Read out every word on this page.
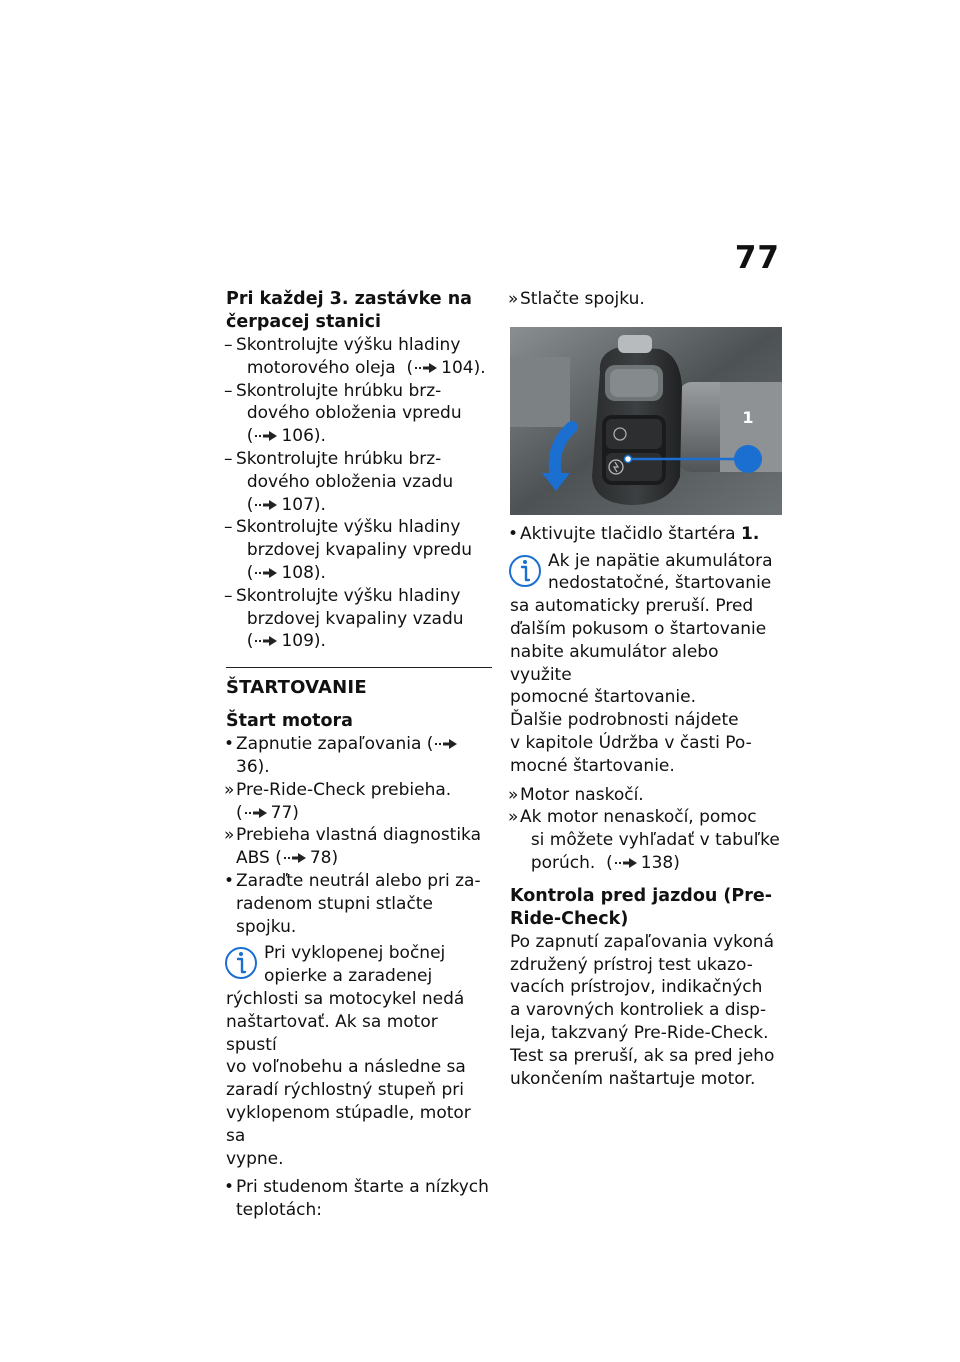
77
Pri každej 3. zastávke na
čerpacej stanici
– Skontrolujte výšku hladiny
motorového oleja  ( 104).
– Skontrolujte hrúbku brz-
dového obloženia vpredu
( 106).
– Skontrolujte hrúbku brz-
dového obloženia vzadu
( 107).
– Skontrolujte výšku hladiny
brzdovej kvapaliny vpredu
( 108).
– Skontrolujte výšku hladiny
brzdovej kvapaliny vzadu
( 109).
ŠTARTOVANIE
Štart motora
• Zapnutie zapaľovania (36).
» Pre-Ride-Check prebieha.
( 77)
» Prebieha vlastná diagnostika
ABS ( 78)
• Zaraďte neutrál alebo pri za-
radenom stupni stlačte spojku.
Pri vyklopenej bočnej
opierke a zaradenej
rýchlosti sa motocykel nedá
naštartovať. Ak sa motor spustí
vo voľnobehu a následne sa
zaradí rýchlostný stupeň pri
vyklopenom stúpadle, motor sa
vypne.
• Pri studenom štarte a nízkych
teplotách:
» Stlačte spojku.
1
• Aktivujte tlačidlo štartéra 1.
Ak je napätie akumulátora
nedostatočné, štartovanie
sa automaticky preruší. Pred
ďalším pokusom o štartovanie
nabite akumulátor alebo využite
pomocné štartovanie.
Ďalšie podrobnosti nájdete
v kapitole Údržba v časti Po-
mocné štartovanie.
» Motor naskočí.
» Ak motor nenaskočí, pomoc
si môžete vyhľadať v tabuľke
porúch.  ( 138)
Kontrola pred jazdou (Pre-
Ride-Check)
Po zapnutí zapaľovania vykoná
združený prístroj test ukazo-
vacích prístrojov, indikačných
a varovných kontroliek a disp-
leja, takzvaný Pre-Ride-Check.
Test sa preruší, ak sa pred jeho
ukončením naštartuje motor.
